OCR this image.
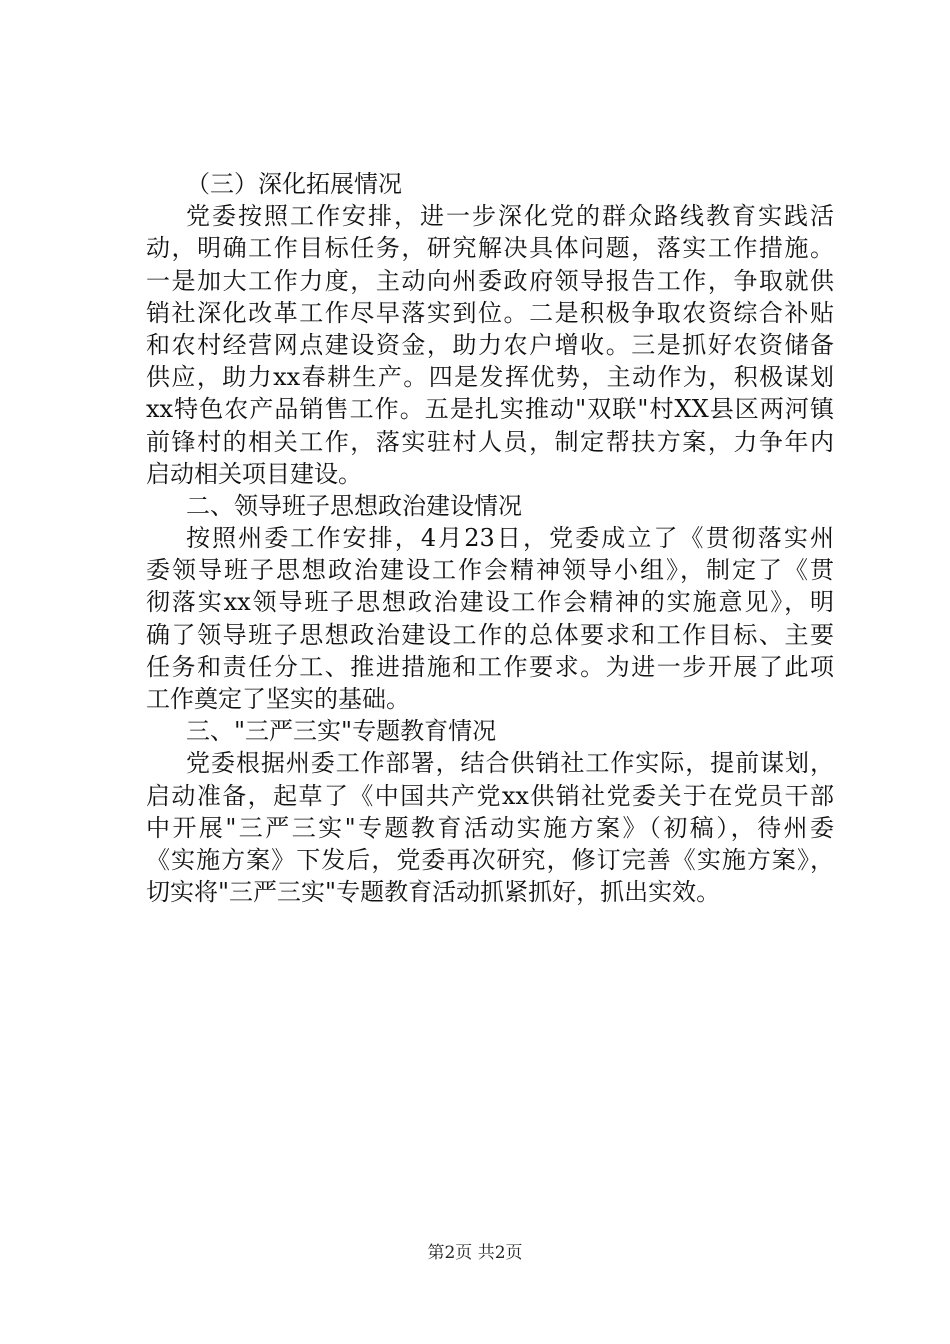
（三）深化拓展情况
党委按照工作安排，进一步深化党的群众路线教育实践活
动，明确工作目标任务，研究解决具体问题，落实工作措施。
一是加大工作力度，主动向州委政府领导报告工作，争取就供
销社深化改革工作尽早落实到位。二是积极争取农资综合补贴
和农村经营网点建设资金，助力农户增收。三是抓好农资储备
供应，助力xx春耕生产。四是发挥优势，主动作为，积极谋划
xx特色农产品销售工作。五是扎实推动"双联"村XX县区两河镇
前锋村的相关工作，落实驻村人员，制定帮扶方案，力争年内
启动相关项目建设。
二、领导班子思想政治建设情况
按照州委工作安排，4月23日，党委成立了《贯彻落实州
委领导班子思想政治建设工作会精神领导小组》，制定了《贯
彻落实xx领导班子思想政治建设工作会精神的实施意见》，明
确了领导班子思想政治建设工作的总体要求和工作目标、主要
任务和责任分工、推进措施和工作要求。为进一步开展了此项
工作奠定了坚实的基础。
三、"三严三实"专题教育情况
党委根据州委工作部署，结合供销社工作实际，提前谋划，
启动准备，起草了《中国共产党xx供销社党委关于在党员干部
中开展"三严三实"专题教育活动实施方案》（初稿），待州委
《实施方案》下发后，党委再次研究，修订完善《实施方案》，
切实将"三严三实"专题教育活动抓紧抓好，抓出实效。
第2页 共2页
